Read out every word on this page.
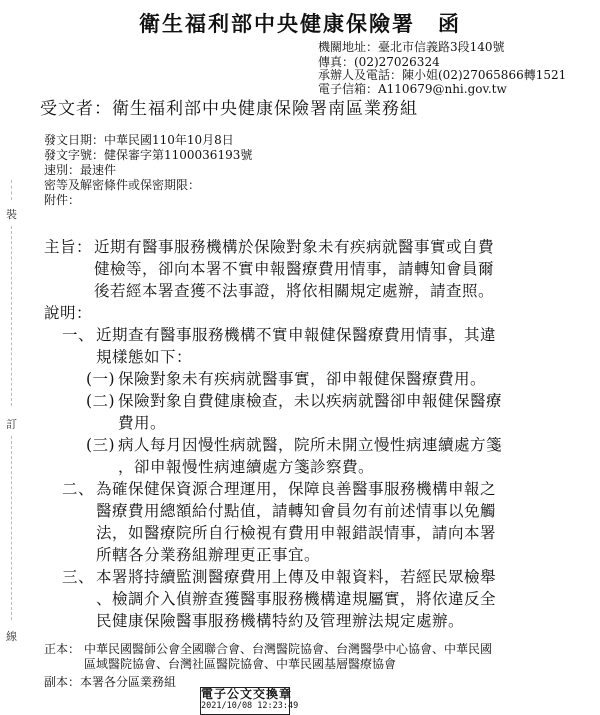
裝
訂
線
衛生福利部中央健康保險署　函
機關地址：臺北市信義路3段140號
傳真：(02)27026324
承辦人及電話：陳小姐(02)27065866轉1521
電子信箱：A110679@nhi.gov.tw
受文者：衛生福利部中央健康保險署南區業務組
發文日期：中華民國110年10月8日
發文字號：健保審字第1100036193號
速別：最速件
密等及解密條件或保密期限：
附件：
主旨： 近期有醫事服務機構於保險對象未有疾病就醫事實或自費
健檢等，卻向本署不實申報醫療費用情事，請轉知會員爾
後若經本署查獲不法事證，將依相關規定處辦，請查照。
說明：
一、 近期查有醫事服務機構不實申報健保醫療費用情事，其違
規樣態如下：
(一) 保險對象未有疾病就醫事實，卻申報健保醫療費用。
(二) 保險對象自費健康檢查，未以疾病就醫卻申報健保醫療
費用。
(三) 病人每月因慢性病就醫，院所未開立慢性病連續處方箋
，卻申報慢性病連續處方箋診察費。
二、 為確保健保資源合理運用，保障良善醫事服務機構申報之
醫療費用總額給付點值，請轉知會員勿有前述情事以免觸
法，如醫療院所自行檢視有費用申報錯誤情事，請向本署
所轄各分業務組辦理更正事宜。
三、 本署將持續監測醫療費用上傳及申報資料，若經民眾檢舉
、檢調介入偵辦查獲醫事服務機構違規屬實，將依違反全
民健康保險醫事服務機構特約及管理辦法規定處辦。
正本： 中華民國醫師公會全國聯合會、台灣醫院協會、台灣醫學中心協會、中華民國
區域醫院協會、台灣社區醫院協會、中華民國基層醫療協會
副本：本署各分區業務組
電子公文交換章
2021/10/08 12:23:49
